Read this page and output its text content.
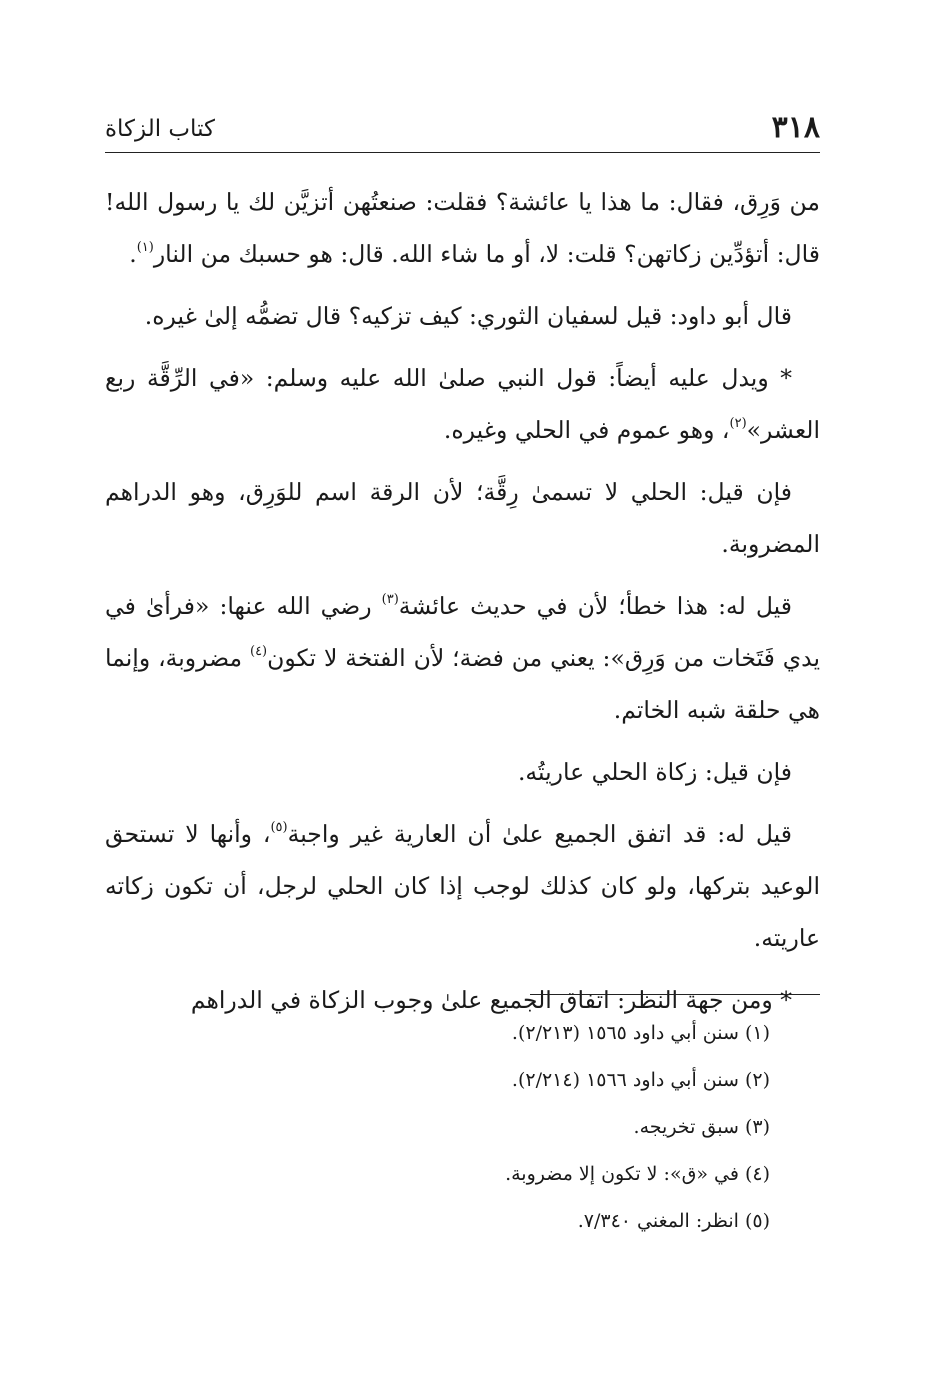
٣١٨
كتاب الزكاة

من وَرِق، فقال: ما هذا يا عائشة؟ فقلت: صنعتُهن أتزيَّن لك يا رسول الله! قال: أتؤدِّين زكاتهن؟ قلت: لا، أو ما شاء الله. قال: هو حسبك من النار$^{(١)}$.

قال أبو داود: قيل لسفيان الثوري: كيف تزكيه؟ قال تضمُّه إلىٰ غيره.

* ويدل عليه أيضاً: قول النبي صلىٰ الله عليه وسلم: «في الرِّقَّة ربع العشر»$^{(٢)}$، وهو عموم في الحلي وغيره.

فإن قيل: الحلي لا تسمىٰ رِقَّة؛ لأن الرقة اسم للوَرِق، وهو الدراهم المضروبة.

قيل له: هذا خطأ؛ لأن في حديث عائشة$^{(٣)}$ رضي الله عنها: «فرأىٰ في يدي فَتَخات من وَرِق»: يعني من فضة؛ لأن الفتخة لا تكون$^{(٤)}$ مضروبة، وإنما هي حلقة شبه الخاتم.

فإن قيل: زكاة الحلي عاريتُه.

قيل له: قد اتفق الجميع علىٰ أن العارية غير واجبة$^{(٥)}$، وأنها لا تستحق الوعيد بتركها، ولو كان كذلك لوجب إذا كان الحلي لرجل، أن تكون زكاته عاريته.

* ومن جهة النظر: اتفاق الجميع علىٰ وجوب الزكاة في الدراهم

(١) سنن أبي داود ١٥٦٥ (٢/٢١٣).

(٢) سنن أبي داود ١٥٦٦ (٢/٢١٤).

(٣) سبق تخريجه.

(٤) في «ق»: لا تكون إلا مضروبة.

(٥) انظر: المغني ٧/٣٤٠.
